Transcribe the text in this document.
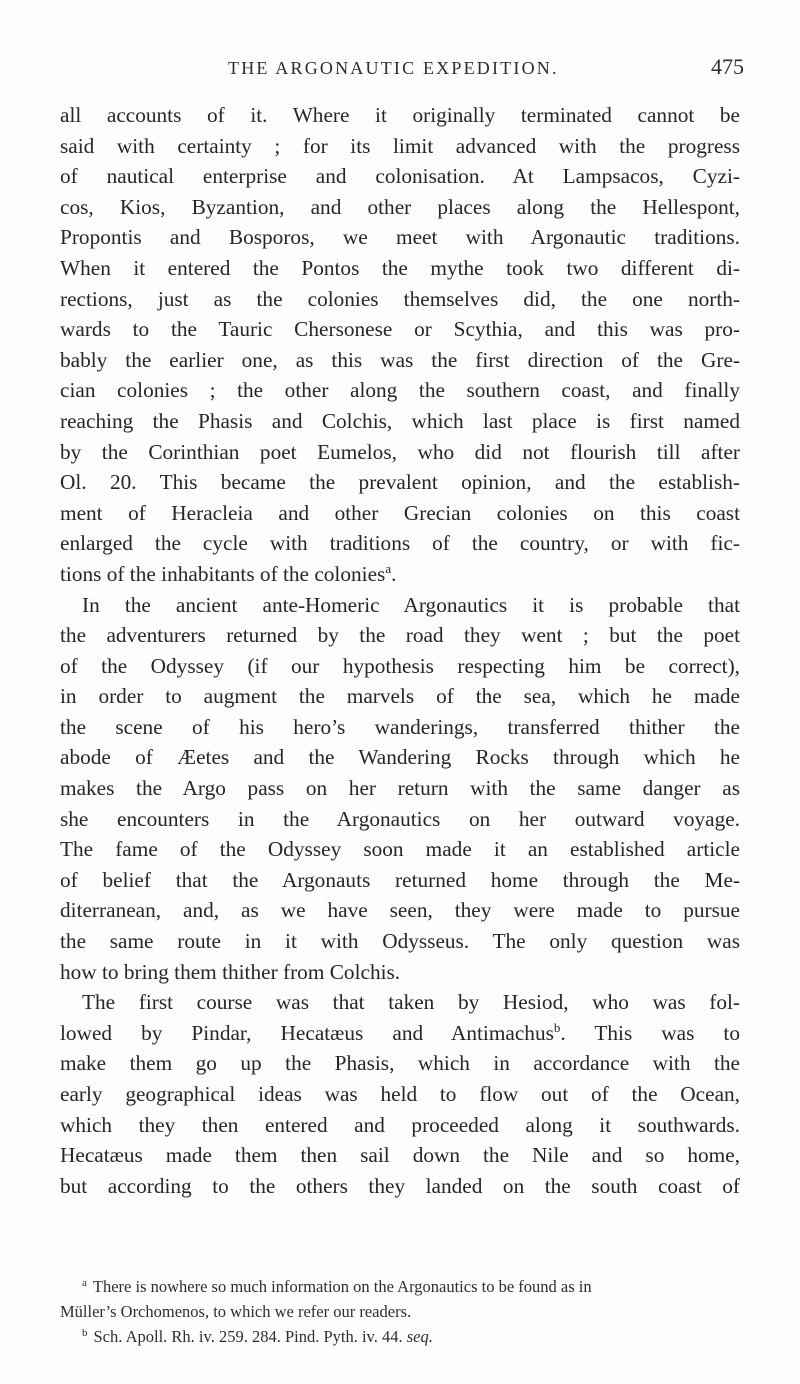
THE ARGONAUTIC EXPEDITION.	475
all accounts of it. Where it originally terminated cannot be
said with certainty ; for its limit advanced with the progress
of nautical enterprise and colonisation. At Lampsacos, Cyzi-
cos, Kios, Byzantion, and other places along the Hellespont,
Propontis and Bosporos, we meet with Argonautic traditions.
When it entered the Pontos the mythe took two different di-
rections, just as the colonies themselves did, the one north-
wards to the Tauric Chersonese or Scythia, and this was pro-
bably the earlier one, as this was the first direction of the Gre-
cian colonies ; the other along the southern coast, and finally
reaching the Phasis and Colchis, which last place is first named
by the Corinthian poet Eumelos, who did not flourish till after
Ol. 20. This became the prevalent opinion, and the establish-
ment of Heracleia and other Grecian colonies on this coast
enlarged the cycle with traditions of the country, or with fic-
tions of the inhabitants of the colonies$^a$.
In the ancient ante-Homeric Argonautics it is probable that
the adventurers returned by the road they went ; but the poet
of the Odyssey (if our hypothesis respecting him be correct),
in order to augment the marvels of the sea, which he made
the scene of his hero’s wanderings, transferred thither the
abode of Æetes and the Wandering Rocks through which he
makes the Argo pass on her return with the same danger as
she encounters in the Argonautics on her outward voyage.
The fame of the Odyssey soon made it an established article
of belief that the Argonauts returned home through the Me-
diterranean, and, as we have seen, they were made to pursue
the same route in it with Odysseus. The only question was
how to bring them thither from Colchis.
The first course was that taken by Hesiod, who was fol-
lowed by Pindar, Hecatæus and Antimachus$^b$. This was to
make them go up the Phasis, which in accordance with the
early geographical ideas was held to flow out of the Ocean,
which they then entered and proceeded along it southwards.
Hecatæus made them then sail down the Nile and so home,
but according to the others they landed on the south coast of
$^a$ There is nowhere so much information on the Argonautics to be found as in
Müller’s Orchomenos, to which we refer our readers.
$^b$ Sch. Apoll. Rh. iv. 259. 284. Pind. Pyth. iv. 44. seq.
